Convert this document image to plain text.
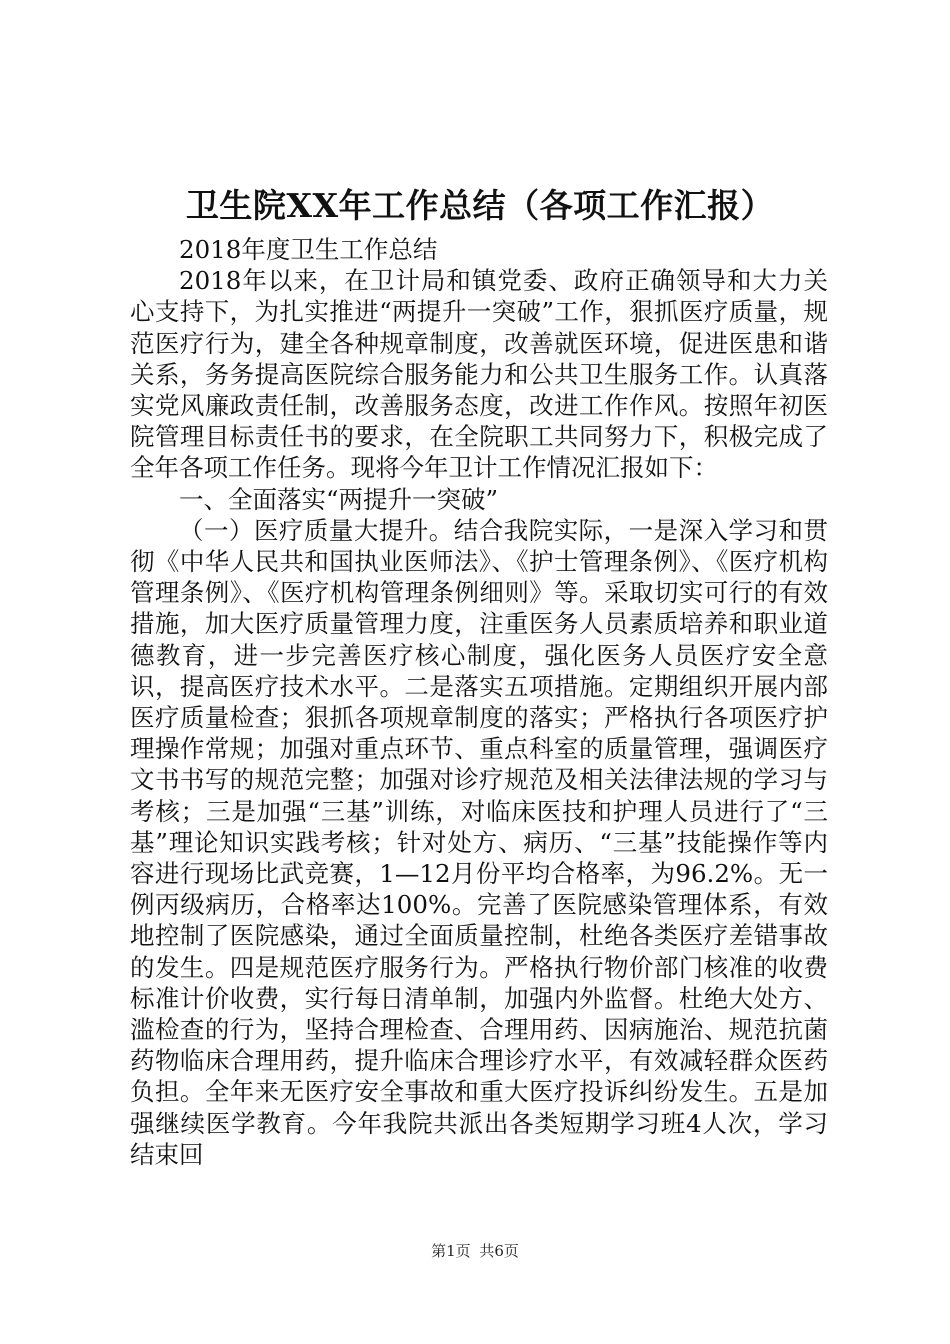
卫生院XX年工作总结（各项工作汇报）

2018年度卫生工作总结

2018年以来，在卫计局和镇党委、政府正确领导和大力关心支持下，为扎实推进“两提升一突破”工作，狠抓医疗质量，规范医疗行为，建全各种规章制度，改善就医环境，促进医患和谐关系，务务提高医院综合服务能力和公共卫生服务工作。认真落实党风廉政责任制，改善服务态度，改进工作作风。按照年初医院管理目标责任书的要求，在全院职工共同努力下，积极完成了全年各项工作任务。现将今年卫计工作情况汇报如下：

一、全面落实“两提升一突破”

（一）医疗质量大提升。结合我院实际，一是深入学习和贯彻《中华人民共和国执业医师法》、《护士管理条例》、《医疗机构管理条例》、《医疗机构管理条例细则》等。采取切实可行的有效措施，加大医疗质量管理力度，注重医务人员素质培养和职业道德教育，进一步完善医疗核心制度，强化医务人员医疗安全意识，提高医疗技术水平。二是落实五项措施。定期组织开展内部医疗质量检查；狠抓各项规章制度的落实；严格执行各项医疗护理操作常规；加强对重点环节、重点科室的质量管理，强调医疗文书书写的规范完整；加强对诊疗规范及相关法律法规的学习与考核；三是加强“三基”训练，对临床医技和护理人员进行了“三基”理论知识实践考核；针对处方、病历、“三基”技能操作等内容进行现场比武竞赛，1—12月份平均合格率，为96.2%。无一例丙级病历，合格率达100%。完善了医院感染管理体系，有效地控制了医院感染，通过全面质量控制，杜绝各类医疗差错事故的发生。四是规范医疗服务行为。严格执行物价部门核准的收费标准计价收费，实行每日清单制，加强内外监督。杜绝大处方、滥检查的行为，坚持合理检查、合理用药、因病施治、规范抗菌药物临床合理用药，提升临床合理诊疗水平，有效减轻群众医药负担。全年来无医疗安全事故和重大医疗投诉纠纷发生。五是加强继续医学教育。今年我院共派出各类短期学习班4人次，学习结束回

第1页 共6页
